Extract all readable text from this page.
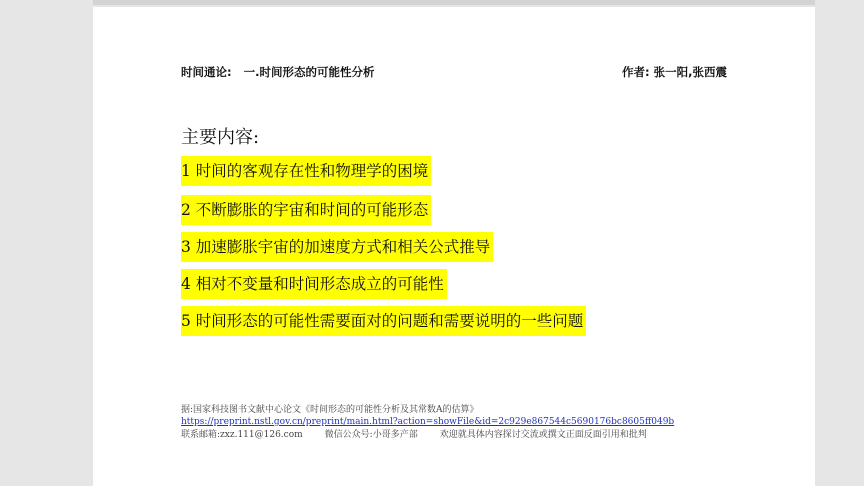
时间通论: 一.时间形态的可能性分析	作者: 张一阳,张西震
主要内容:
1 时间的客观存在性和物理学的困境
2 不断膨胀的宇宙和时间的可能形态
3 加速膨胀宇宙的加速度方式和相关公式推导
4 相对不变量和时间形态成立的可能性
5 时间形态的可能性需要面对的问题和需要说明的一些问题
据:国家科技图书文献中心论文《时间形态的可能性分析及其常数A的估算》
https://preprint.nstl.gov.cn/preprint/main.html?action=showFile&id=2c929e867544c5690176bc8605ff049b
联系邮箱:zxz.111@126.com 微信公众号:小哥多产部 欢迎就具体内容探讨交流或撰文正面反面引用和批判
